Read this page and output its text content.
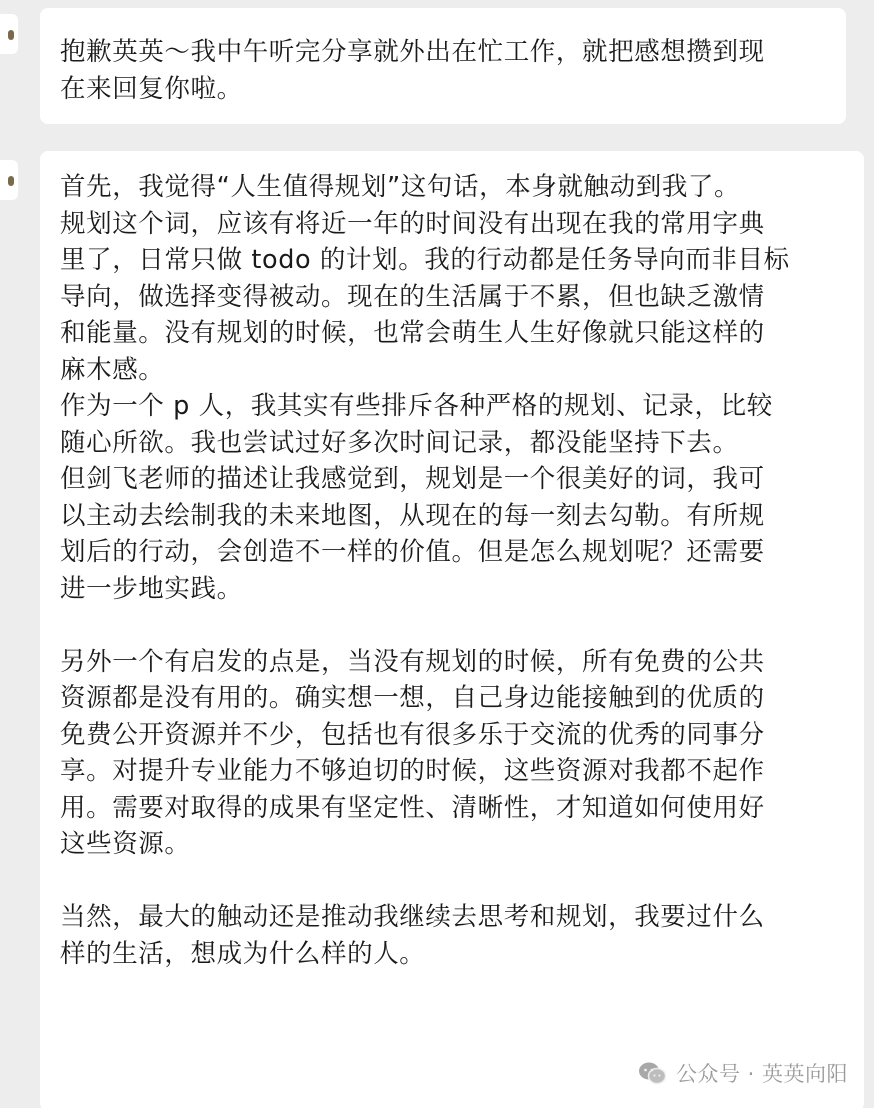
抱歉英英～我中午听完分享就外出在忙工作，就把感想攒到现
在来回复你啦。
首先，我觉得“人生值得规划”这句话，本身就触动到我了。
规划这个词，应该有将近一年的时间没有出现在我的常用字典
里了，日常只做 todo 的计划。我的行动都是任务导向而非目标
导向，做选择变得被动。现在的生活属于不累，但也缺乏激情
和能量。没有规划的时候，也常会萌生人生好像就只能这样的
麻木感。
作为一个 p 人，我其实有些排斥各种严格的规划、记录，比较
随心所欲。我也尝试过好多次时间记录，都没能坚持下去。
但剑飞老师的描述让我感觉到，规划是一个很美好的词，我可
以主动去绘制我的未来地图，从现在的每一刻去勾勒。有所规
划后的行动，会创造不一样的价值。但是怎么规划呢？还需要
进一步地实践。
另外一个有启发的点是，当没有规划的时候，所有免费的公共
资源都是没有用的。确实想一想，自己身边能接触到的优质的
免费公开资源并不少，包括也有很多乐于交流的优秀的同事分
享。对提升专业能力不够迫切的时候，这些资源对我都不起作
用。需要对取得的成果有坚定性、清晰性，才知道如何使用好
这些资源。
当然，最大的触动还是推动我继续去思考和规划，我要过什么
样的生活，想成为什么样的人。
公众号 · 英英向阳
